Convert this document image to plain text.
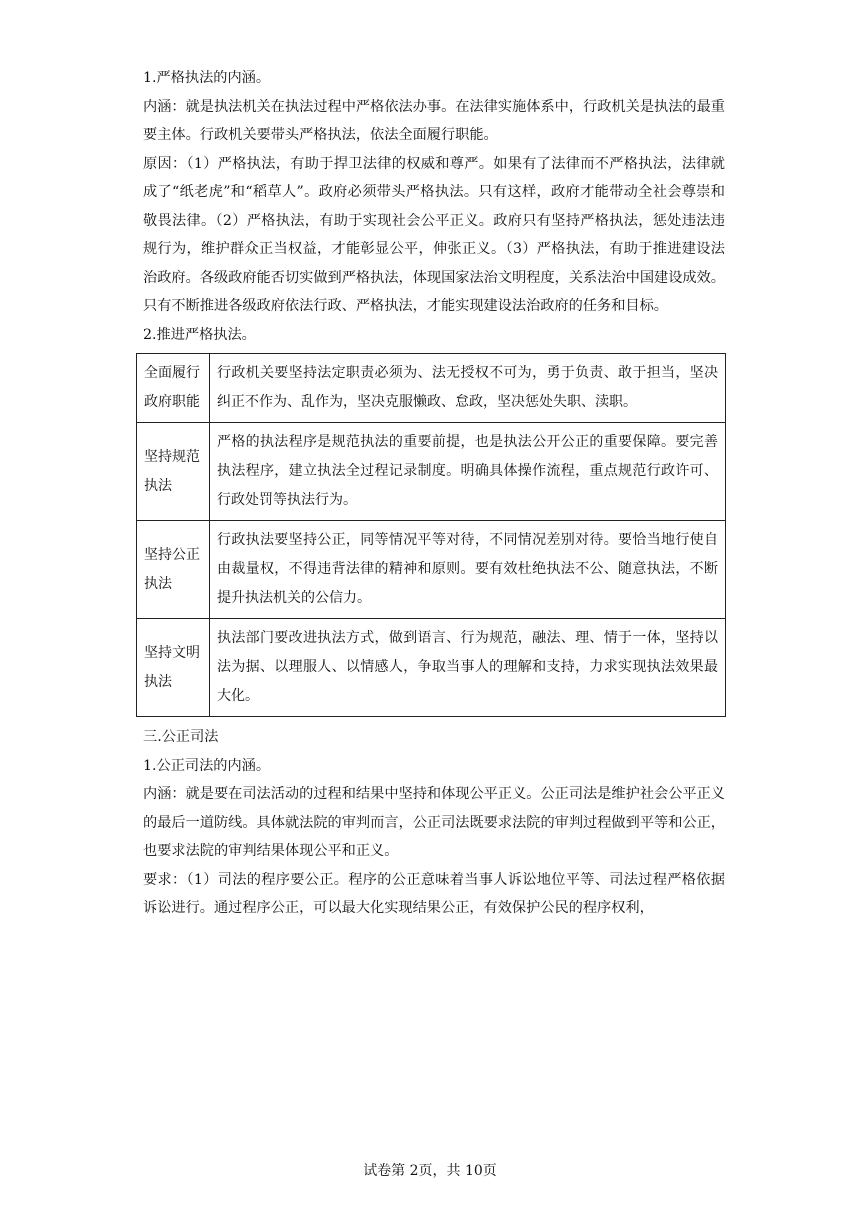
1.严格执法的内涵。

内涵：就是执法机关在执法过程中严格依法办事。在法律实施体系中，行政机关是执法的最重要主体。行政机关要带头严格执法，依法全面履行职能。

原因：（1）严格执法，有助于捍卫法律的权威和尊严。如果有了法律而不严格执法，法律就成了“纸老虎”和“稻草人”。政府必须带头严格执法。只有这样，政府才能带动全社会尊崇和敬畏法律。（2）严格执法，有助于实现社会公平正义。政府只有坚持严格执法，惩处违法违规行为，维护群众正当权益，才能彰显公平，伸张正义。（3）严格执法，有助于推进建设法治政府。各级政府能否切实做到严格执法，体现国家法治文明程度，关系法治中国建设成效。只有不断推进各级政府依法行政、严格执法，才能实现建设法治政府的任务和目标。

2.推进严格执法。

全面履行政府职能	行政机关要坚持法定职责必须为、法无授权不可为，勇于负责、敢于担当，坚决纠正不作为、乱作为，坚决克服懒政、怠政，坚决惩处失职、渎职。
坚持规范执法	严格的执法程序是规范执法的重要前提，也是执法公开公正的重要保障。要完善执法程序，建立执法全过程记录制度。明确具体操作流程，重点规范行政许可、行政处罚等执法行为。
坚持公正执法	行政执法要坚持公正，同等情况平等对待，不同情况差别对待。要恰当地行使自由裁量权，不得违背法律的精神和原则。要有效杜绝执法不公、随意执法，不断提升执法机关的公信力。
坚持文明执法	执法部门要改进执法方式，做到语言、行为规范，融法、理、情于一体，坚持以法为据、以理服人、以情感人，争取当事人的理解和支持，力求实现执法效果最大化。

三.公正司法

1.公正司法的内涵。

内涵：就是要在司法活动的过程和结果中坚持和体现公平正义。公正司法是维护社会公平正义的最后一道防线。具体就法院的审判而言，公正司法既要求法院的审判过程做到平等和公正，也要求法院的审判结果体现公平和正义。

要求：（1）司法的程序要公正。程序的公正意味着当事人诉讼地位平等、司法过程严格依据诉讼进行。通过程序公正，可以最大化实现结果公正，有效保护公民的程序权利，

试卷第 2页，共 10页
